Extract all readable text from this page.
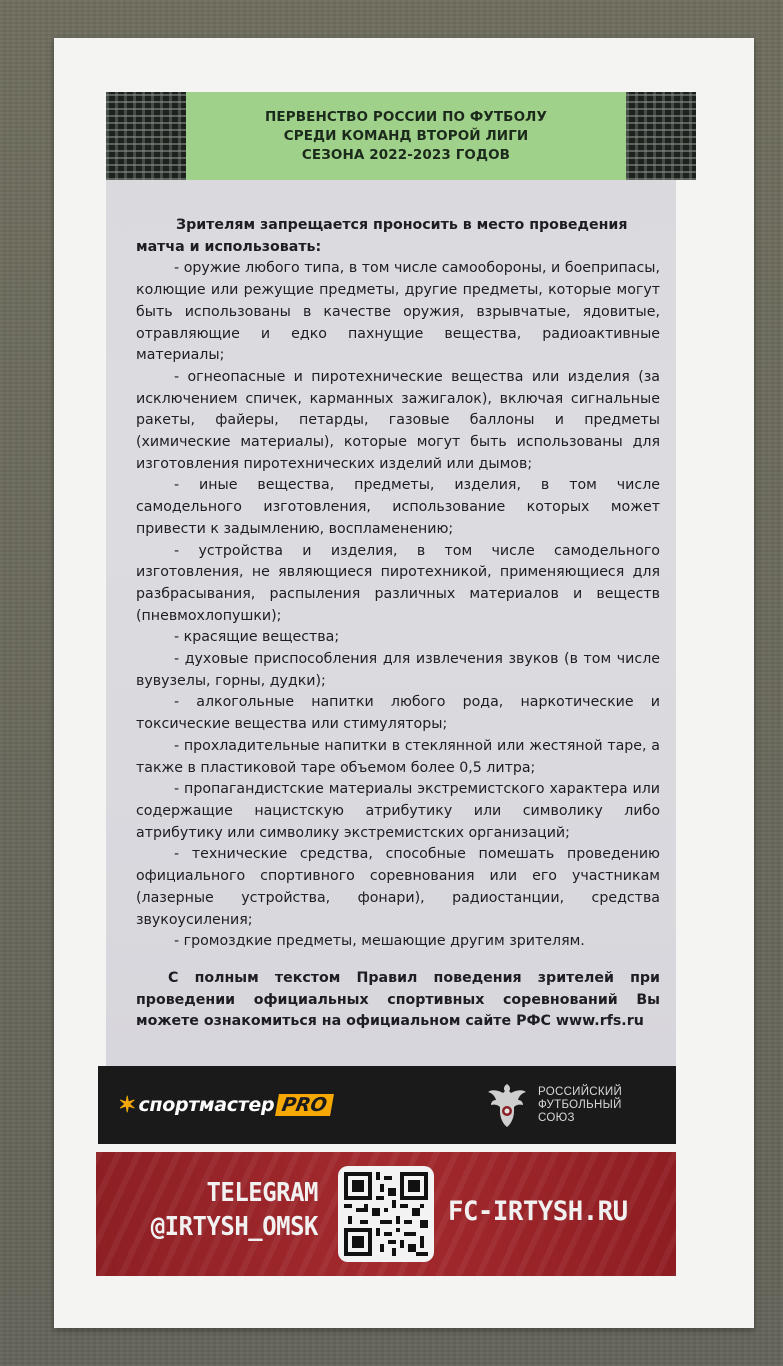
ПЕРВЕНСТВО РОССИИ ПО ФУТБОЛУ
СРЕДИ КОМАНД ВТОРОЙ ЛИГИ
СЕЗОНА 2022-2023 ГОДОВ

Зрителям запрещается проносить в место проведения матча и использовать:

- оружие любого типа, в том числе самообороны, и боеприпасы, колющие или режущие предметы, другие предметы, которые могут быть использованы в качестве оружия, взрывчатые, ядовитые, отравляющие и едко пахнущие вещества, радиоактивные материалы;

- огнеопасные и пиротехнические вещества или изделия (за исключением спичек, карманных зажигалок), включая сигнальные ракеты, файеры, петарды, газовые баллоны и предметы (химические материалы), которые могут быть использованы для изготовления пиротехнических изделий или дымов;

- иные вещества, предметы, изделия, в том числе самодельного изготовления, использование которых может привести к задымлению, воспламенению;

- устройства и изделия, в том числе самодельного изготовления, не являющиеся пиротехникой, применяющиеся для разбрасывания, распыления различных материалов и веществ (пневмохлопушки);

- красящие вещества;

- духовые приспособления для извлечения звуков (в том числе вувузелы, горны, дудки);

- алкогольные напитки любого рода, наркотические и токсические вещества или стимуляторы;

- прохладительные напитки в стеклянной или жестяной таре, а также в пластиковой таре объемом более 0,5 литра;

- пропагандистские материалы экстремистского характера или содержащие нацистскую атрибутику или символику либо атрибутику или символику экстремистских организаций;

- технические средства, способные помешать проведению официального спортивного соревнования или его участникам (лазерные устройства, фонари), радиостанции, средства звукоусиления;

- громоздкие предметы, мешающие другим зрителям.

С полным текстом Правил поведения зрителей при проведении официальных спортивных соревнований Вы можете ознакомиться на официальном сайте РФС www.rfs.ru

✶ спортмастер PRO
РОССИЙСКИЙ
ФУТБОЛЬНЫЙ
СОЮЗ
TELEGRAM
@IRTYSH_OMSK	FC-IRTYSH.RU
